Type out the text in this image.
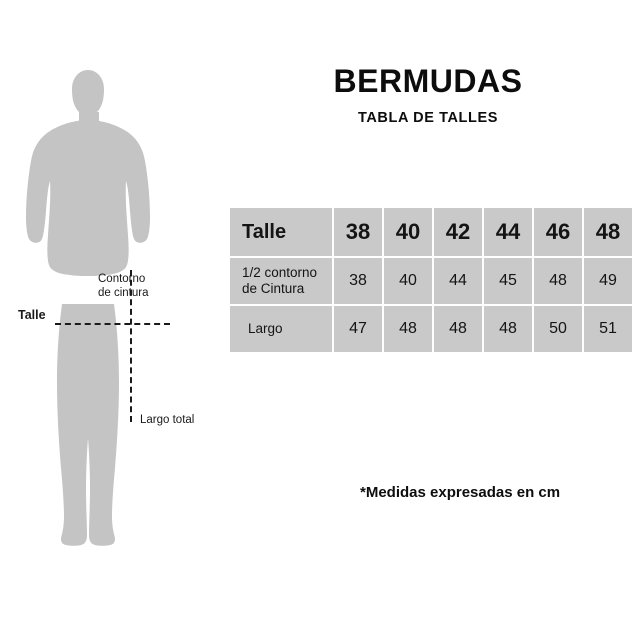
Contorno
de cintura
Talle
Largo total
BERMUDAS
TABLA DE TALLES
Talle	38	40	42	44	46	48

1/2 contorno
de Cintura	38	40	44	45	48	49
Largo	47	48	48	48	50	51
*Medidas expresadas en cm
